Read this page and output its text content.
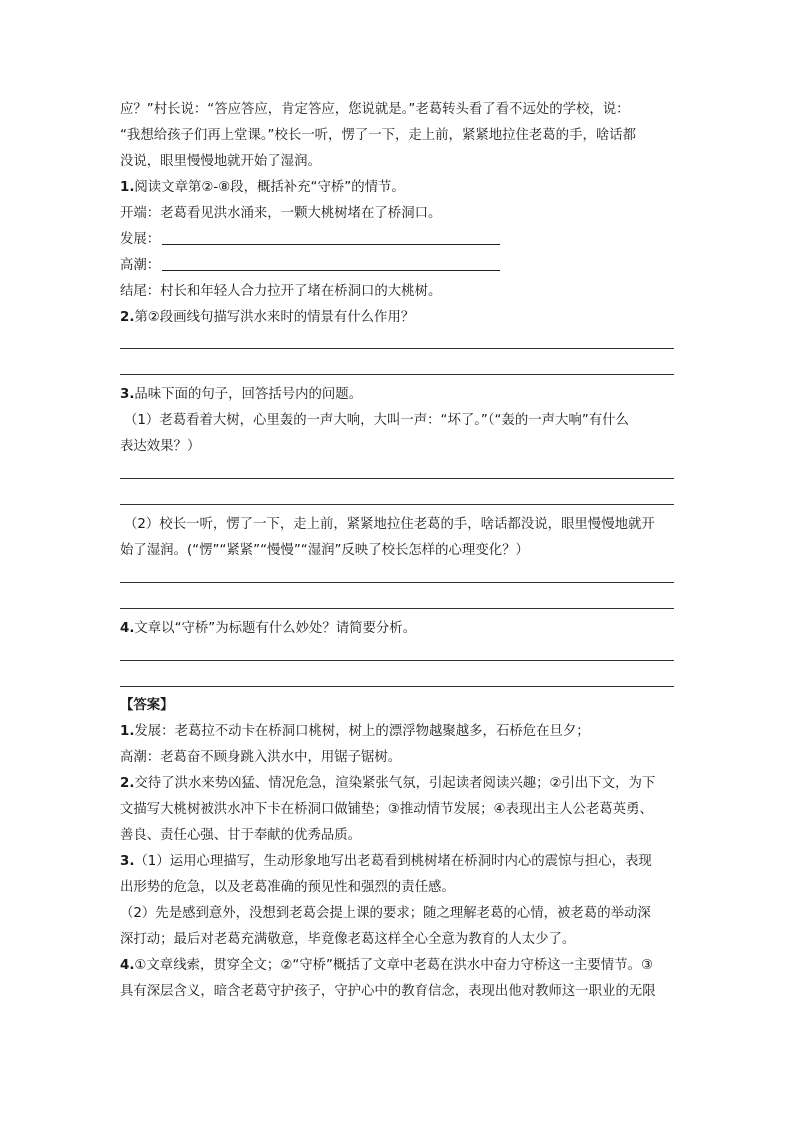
应？”村长说：“答应答应，肯定答应，您说就是。”老葛转头看了看不远处的学校，说：
“我想给孩子们再上堂课。”校长一听，愣了一下，走上前，紧紧地拉住老葛的手，啥话都
没说，眼里慢慢地就开始了湿润。
1.阅读文章第②-⑧段，概括补充“守桥”的情节。
开端：老葛看见洪水涌来，一颗大桃树堵在了桥洞口。
发展：
高潮：
结尾：村长和年轻人合力拉开了堵在桥洞口的大桃树。
2.第②段画线句描写洪水来时的情景有什么作用？
3.品味下面的句子，回答括号内的问题。
（1）老葛看着大树，心里轰的一声大响，大叫一声：“坏了。”（“轰的一声大响”有什么
表达效果？）
（2）校长一听，愣了一下，走上前，紧紧地拉住老葛的手，啥话都没说，眼里慢慢地就开
始了湿润。(“愣”“紧紧”“慢慢”“湿润”反映了校长怎样的心理变化？）
4.文章以“守桥”为标题有什么妙处？请简要分析。
【答案】
1.发展：老葛拉不动卡在桥洞口桃树，树上的漂浮物越聚越多，石桥危在旦夕；
高潮：老葛奋不顾身跳入洪水中，用锯子锯树。
2.交待了洪水来势凶猛、情况危急，渲染紧张气氛，引起读者阅读兴趣；②引出下文，为下
文描写大桃树被洪水冲下卡在桥洞口做铺垫；③推动情节发展；④表现出主人公老葛英勇、
善良、责任心强、甘于奉献的优秀品质。
3.（1）运用心理描写，生动形象地写出老葛看到桃树堵在桥洞时内心的震惊与担心，表现
出形势的危急，以及老葛准确的预见性和强烈的责任感。
（2）先是感到意外，没想到老葛会提上课的要求；随之理解老葛的心情，被老葛的举动深
深打动；最后对老葛充满敬意，毕竟像老葛这样全心全意为教育的人太少了。
4.①文章线索，贯穿全文；②“守桥”概括了文章中老葛在洪水中奋力守桥这一主要情节。③
具有深层含义，暗含老葛守护孩子，守护心中的教育信念，表现出他对教师这一职业的无限
